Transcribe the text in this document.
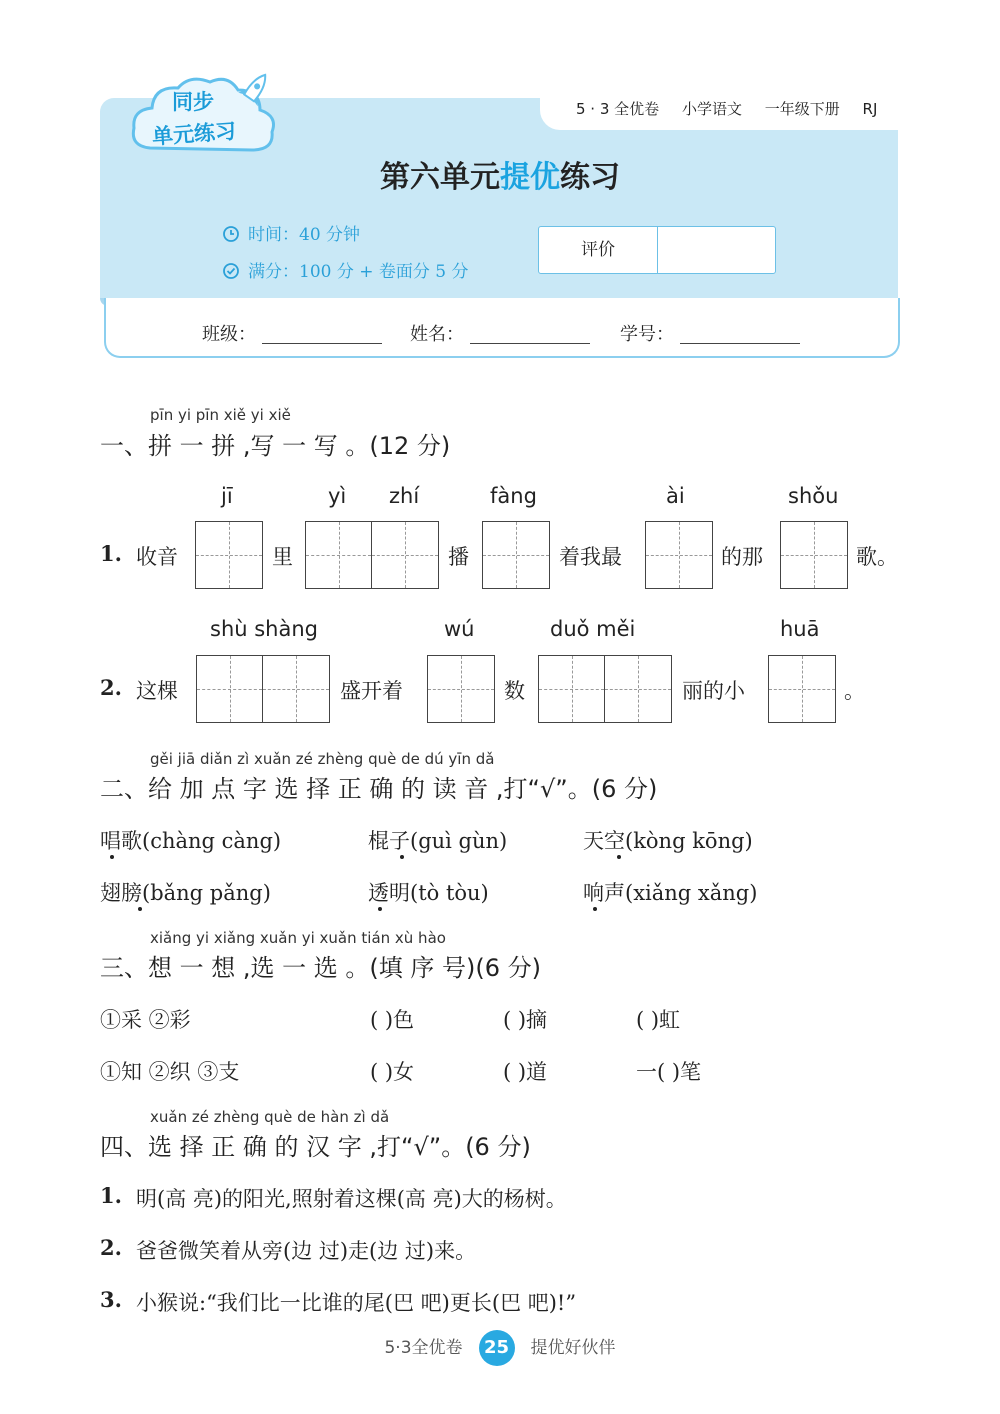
5 · 3 全优卷 小学语文 一年级下册 RJ
同步
单元练习
第六单元提优练习
时间：40 分钟
满分：100 分 + 卷面分 5 分
评价
班级：	姓名：	学号：
pīn yi pīn xiě yi xiě
一、拼 一 拼 ,写 一 写 。(12 分)
jī	yì zhí	fàng	ài	shǒu
1. 收音	里	播	着我最	的那	歌。
shù shàng	wú	duǒ měi	huā
2. 这棵	盛开着	数	丽的小	。
gěi jiā diǎn zì xuǎn zé zhèng què de dú yīn dǎ
二、给 加 点 字 选 择 正 确 的 读 音 ,打“√”。(6 分)
唱歌(chàng càng)	棍子(guì gùn)	天空(kòng kōng)
翅膀(bǎng pǎng)	透明(tò tòu)	响声(xiǎng xǎng)
xiǎng yi xiǎng xuǎn yi xuǎn tián xù hào
三、想 一 想 ,选 一 选 。(填 序 号)(6 分)
①采 ②彩	( )色	( )摘	( )虹
①知 ②织 ③支	( )女	( )道	一( )笔
xuǎn zé zhèng què de hàn zì dǎ
四、选 择 正 确 的 汉 字 ,打“√”。(6 分)
1. 明(高 亮)的阳光,照射着这棵(高 亮)大的杨树。
2. 爸爸微笑着从旁(边 过)走(边 过)来。
3. 小猴说:“我们比一比谁的尾(巴 吧)更长(巴 吧)!”
5·3全优卷 25 提优好伙伴
